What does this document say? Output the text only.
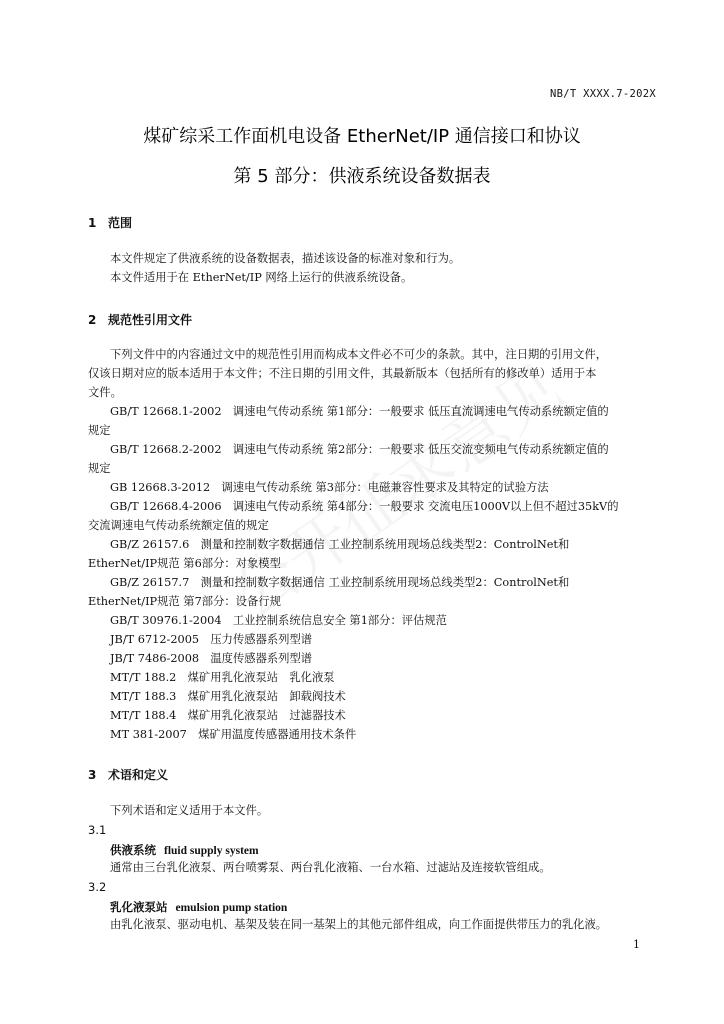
NB/T XXXX.7-202X
煤矿综采工作面机电设备 EtherNet/IP 通信接口和协议
第 5 部分：供液系统设备数据表
1 范围
本文件规定了供液系统的设备数据表，描述该设备的标准对象和行为。
本文件适用于在 EtherNet/IP 网络上运行的供液系统设备。
2 规范性引用文件
下列文件中的内容通过文中的规范性引用而构成本文件必不可少的条款。其中，注日期的引用文件，
仅该日期对应的版本适用于本文件；不注日期的引用文件，其最新版本（包括所有的修改单）适用于本
文件。
GB/T 12668.1-2002　调速电气传动系统 第1部分：一般要求 低压直流调速电气传动系统额定值的
规定
GB/T 12668.2-2002　调速电气传动系统 第2部分：一般要求 低压交流变频电气传动系统额定值的
规定
GB 12668.3-2012　调速电气传动系统 第3部分：电磁兼容性要求及其特定的试验方法
GB/T 12668.4-2006　调速电气传动系统 第4部分：一般要求 交流电压1000V以上但不超过35kV的
交流调速电气传动系统额定值的规定
GB/Z 26157.6　测量和控制数字数据通信 工业控制系统用现场总线类型2：ControlNet和
EtherNet/IP规范 第6部分：对象模型
GB/Z 26157.7　测量和控制数字数据通信 工业控制系统用现场总线类型2：ControlNet和
EtherNet/IP规范 第7部分：设备行规
GB/T 30976.1-2004　工业控制系统信息安全 第1部分：评估规范
JB/T 6712-2005　压力传感器系列型谱
JB/T 7486-2008　温度传感器系列型谱
MT/T 188.2　煤矿用乳化液泵站　乳化液泵
MT/T 188.3　煤矿用乳化液泵站　卸载阀技术
MT/T 188.4　煤矿用乳化液泵站　过滤器技术
MT 381-2007　煤矿用温度传感器通用技术条件
3 术语和定义
下列术语和定义适用于本文件。
3.1
供液系统 fluid supply system
通常由三台乳化液泵、两台喷雾泵、两台乳化液箱、一台水箱、过滤站及连接软管组成。
3.2
乳化液泵站 emulsion pump station
由乳化液泵、驱动电机、基架及装在同一基架上的其他元部件组成，向工作面提供带压力的乳化液。
1
